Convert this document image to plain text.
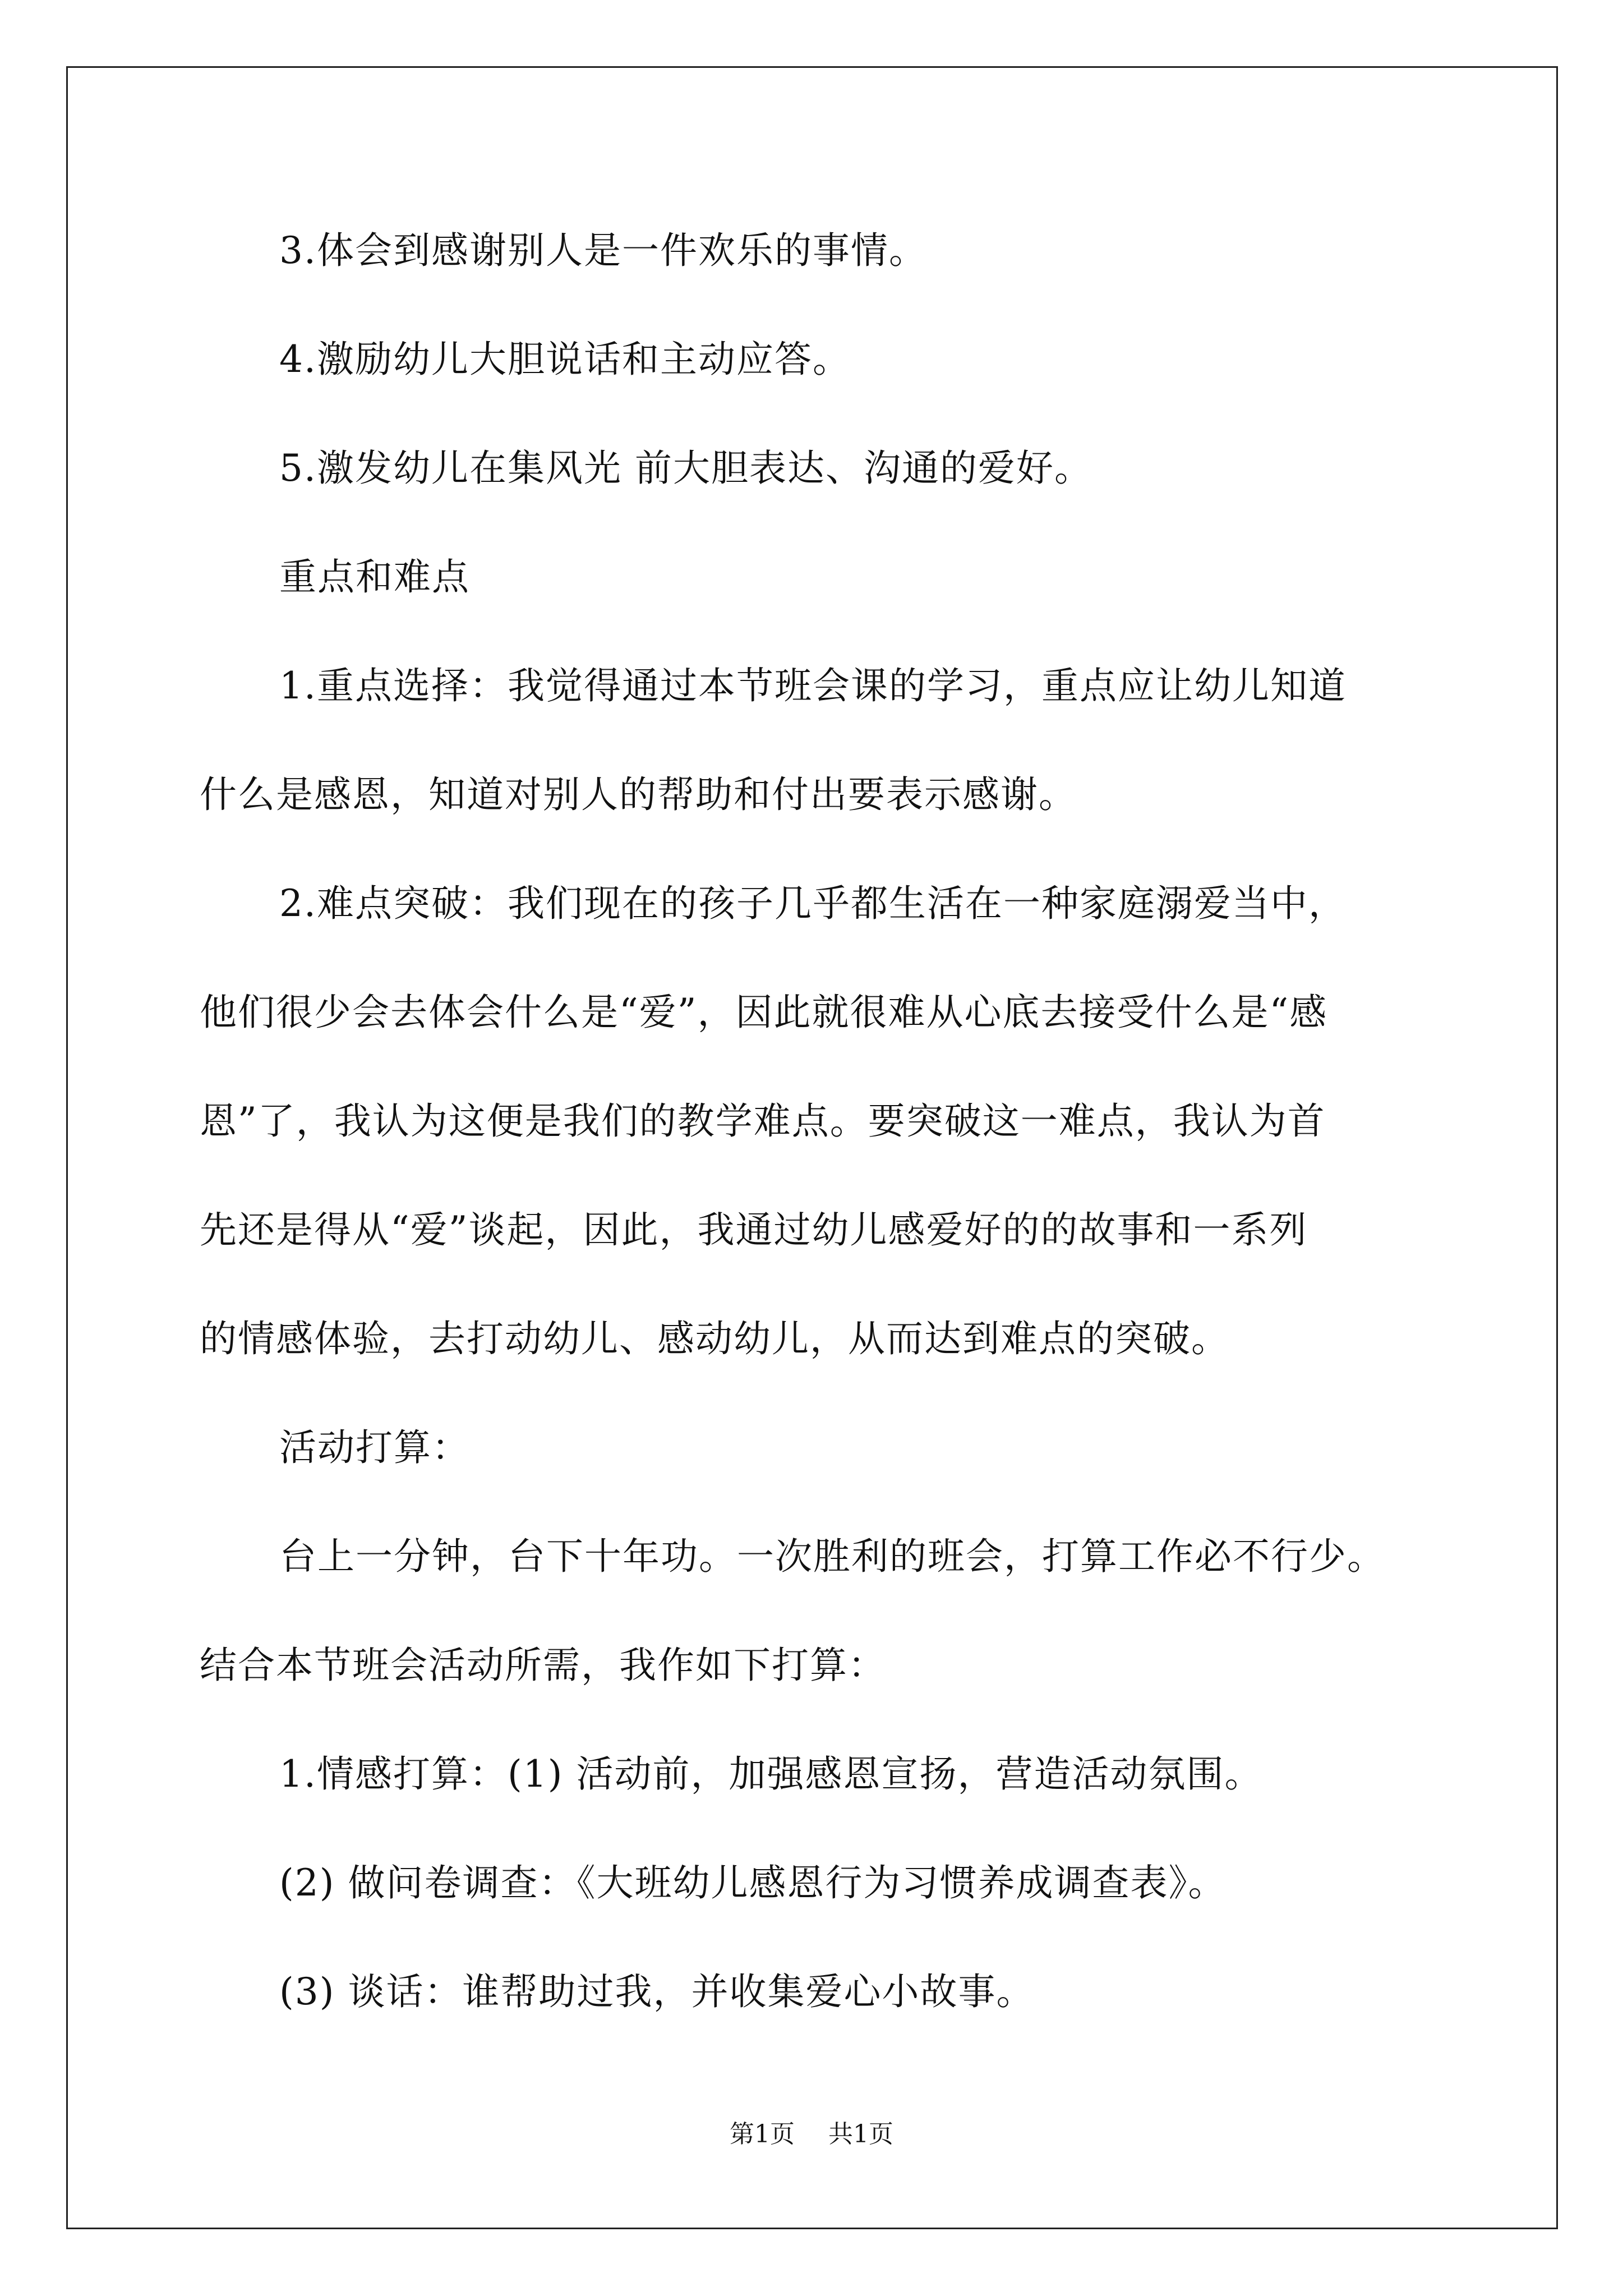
3.体会到感谢别人是一件欢乐的事情。
4.激励幼儿大胆说话和主动应答。
5.激发幼儿在集风光 前大胆表达、沟通的爱好。
重点和难点
1.重点选择：我觉得通过本节班会课的学习，重点应让幼儿知道
什么是感恩，知道对别人的帮助和付出要表示感谢。
2.难点突破：我们现在的孩子几乎都生活在一种家庭溺爱当中，
他们很少会去体会什么是“爱”，因此就很难从心底去接受什么是“感
恩”了，我认为这便是我们的教学难点。要突破这一难点，我认为首
先还是得从“爱”谈起，因此，我通过幼儿感爱好的的故事和一系列
的情感体验，去打动幼儿、感动幼儿，从而达到难点的突破。
活动打算：
台上一分钟，台下十年功。一次胜利的班会，打算工作必不行少。
结合本节班会活动所需，我作如下打算：
1.情感打算：(1) 活动前，加强感恩宣扬，营造活动氛围。
(2) 做问卷调查：《大班幼儿感恩行为习惯养成调查表》。
(3) 谈话：谁帮助过我，并收集爱心小故事。
第1页 共1页
